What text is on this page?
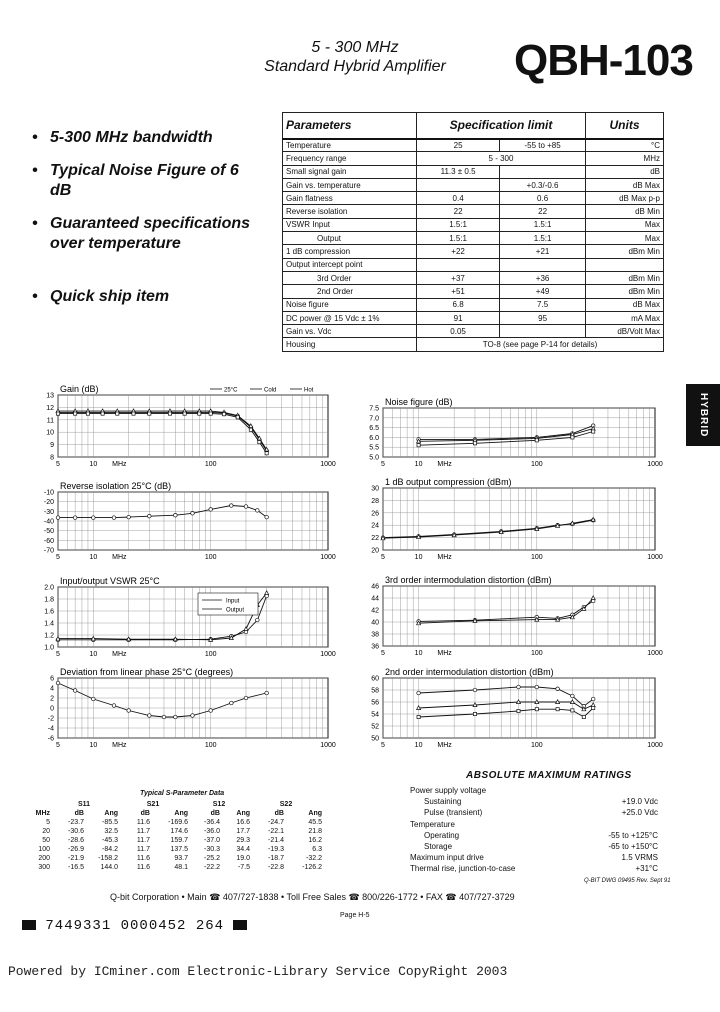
5 - 300 MHz
Standard Hybrid Amplifier	QBH-103
• 5-300 MHz bandwidth
• Typical Noise Figure of 6 dB
• Guaranteed specifications over temperature
• Quick ship item
Parameters	Specification limit		Units
Temperature	25	-55 to +85	°C
Frequency range	5 - 300		MHz
Small signal gain	11.3 ± 0.5		dB
Gain vs. temperature		+0.3/-0.6	dB Max
Gain flatness	0.4	0.6	dB Max p-p
Reverse isolation	22	22	dB Min
VSWR Input	1.5:1	1.5:1	Max
Output	1.5:1	1.5:1	Max
1 dB compression	+22	+21	dBm Min
Output intercept point			
3rd Order	+37	+36	dBm Min
2nd Order	+51	+49	dBm Min
Noise figure	6.8	7.5	dB Max
DC power @ 15 Vdc ± 1%	91	95	mA Max
Gain vs. Vdc	0.05		dB/Volt Max
Housing	TO-8 (see page P-14 for details)		
HYBRID
8
9
10
11
12
13
5	10	100	1000
MHz
Gain (dB)	25°C	Cold	Hot
5.0
5.5
6.0
6.5
7.0
7.5
5	10	100	1000
MHz
Noise figure (dB)
-10
-20
-30
-40
-50
-60
-70
5	10	100	1000
MHz
Reverse isolation 25°C (dB)
20
22
24
26
28
30
5	10	100	1000
MHz
1 dB output compression (dBm)
1.0
1.2
1.4
1.6
1.8
2.0
5	10	100	1000
MHz
Input/output VSWR 25°C
Input
Output
36
38
40
42
44
46
5	10	100	1000
MHz
3rd order intermodulation distortion (dBm)
6
4
2
0
-2
-4
-6
5	10	100	1000
MHz
Deviation from linear phase 25°C (degrees)
50
52
54
56
58
60
5	10	100	1000
MHz
2nd order intermodulation distortion (dBm)
Typical S-Parameter Data
	S11		S21		S12		S22	
MHz	dB	Ang	dB	Ang	dB	Ang	dB	Ang
5	-23.7	-85.5	11.6	-169.6	-36.4	16.6	-24.7	45.5
20	-30.6	32.5	11.7	174.6	-36.0	17.7	-22.1	21.8
50	-28.6	-45.3	11.7	159.7	-37.0	29.3	-21.4	16.2
100	-26.9	-84.2	11.7	137.5	-30.3	34.4	-19.3	6.3
200	-21.9	-158.2	11.6	93.7	-25.2	19.0	-18.7	-32.2
300	-16.5	144.0	11.6	48.1	-22.2	-7.5	-22.8	-126.2
ABSOLUTE MAXIMUM RATINGS
Power supply voltage
Sustaining	+19.0 Vdc
Pulse (transient)	+25.0 Vdc
Temperature
Operating	-55 to +125°C
Storage	-65 to +150°C
Maximum input drive	1.5 VRMS
Thermal rise, junction-to-case	+31°C
Q-BIT DWG 09495 Rev. Sept 91
Q-bit Corporation • Main ☎ 407/727-1838 • Toll Free Sales ☎ 800/226-1772 • FAX ☎ 407/727-3729
Page H-5
7449331 0000452 264
Powered by ICminer.com Electronic-Library Service CopyRight 2003
